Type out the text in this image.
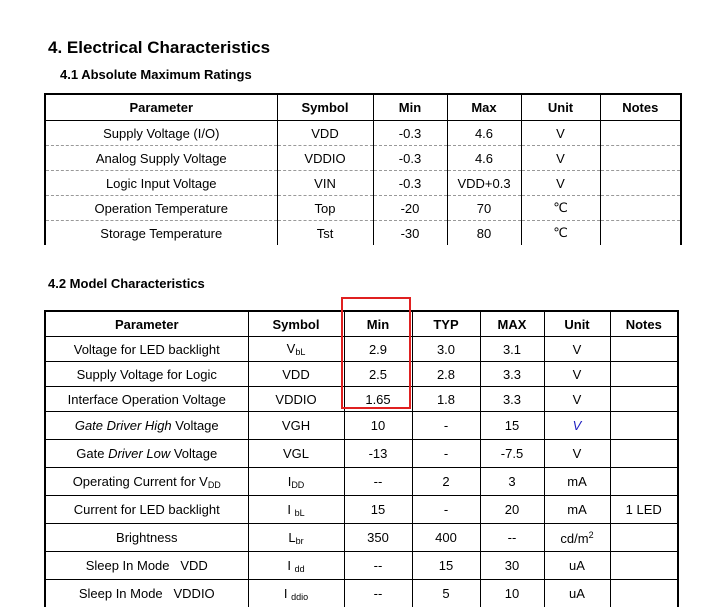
4. Electrical Characteristics
4.1 Absolute Maximum Ratings
Parameter	Symbol	Min	Max	Unit	Notes
Supply Voltage (I/O)	VDD	-0.3	4.6	V	
Analog Supply Voltage	VDDIO	-0.3	4.6	V	
Logic Input Voltage	VIN	-0.3	VDD+0.3	V	
Operation Temperature	Top	-20	70	℃	
Storage Temperature	Tst	-30	80	℃	
4.2 Model Characteristics
Parameter	Symbol	Min	TYP	MAX	Unit	Notes
Voltage for LED backlight	$V_{bL}$	2.9	3.0	3.1	V	
Supply Voltage for Logic	VDD	2.5	2.8	3.3	V	
Interface Operation Voltage	VDDIO	1.65	1.8	3.3	V	
Gate Driver High Voltage	VGH	10	-	15	V	
Gate Driver Low Voltage	VGL	-13	-	-7.5	V	
Operating Current for $V_{DD}$	$I_{DD}$	--	2	3	mA	
Current for LED backlight	I $_{bL}$	15	-	20	mA	1 LED
Brightness	$L_{br}$	350	400	--	$cd/m^2$	
Sleep In Mode   VDD	I $_{dd}$	--	15	30	uA	
Sleep In Mode   VDDIO	I $_{ddio}$	--	5	10	uA	
